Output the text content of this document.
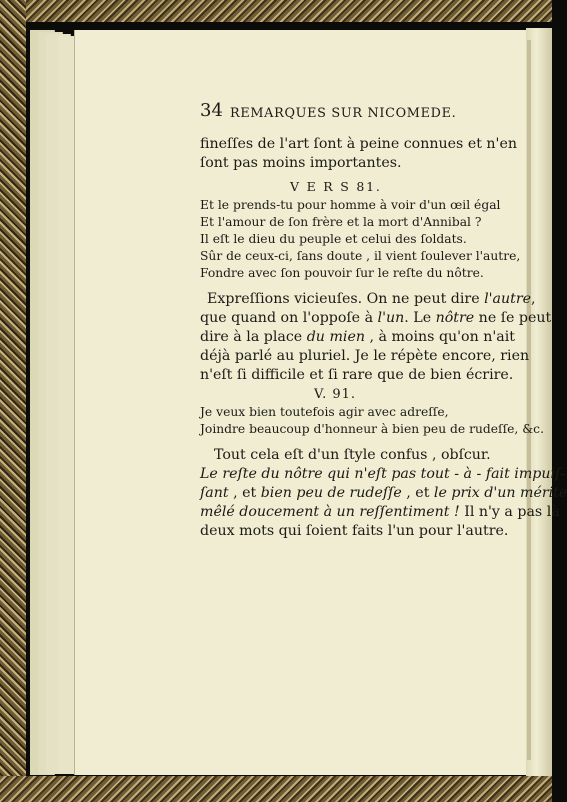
34 REMARQUES SUR NICOMEDE.
fineſſes de l'art ſont à peine connues et n'en
ſont pas moins importantes.
V E R S 81.
Et le prends-tu pour homme à voir d'un œil égal
Et l'amour de ſon frère et la mort d'Annibal ?
Il eſt le dieu du peuple et celui des ſoldats.
Sûr de ceux-ci, ſans doute , il vient ſoulever l'autre,
Fondre avec ſon pouvoir ſur le reſte du nôtre.
Expreſſions vicieuſes. On ne peut dire l'autre,
que quand on l'oppoſe à l'un. Le nôtre ne ſe peut
dire à la place du mien , à moins qu'on n'ait
déjà parlé au pluriel. Je le répète encore, rien
n'eſt ſi difficile et ſi rare que de bien écrire.
V. 91.
Je veux bien toutefois agir avec adreſſe,
Joindre beaucoup d'honneur à bien peu de rudeſſe, &c.
Tout cela eſt d'un ſtyle confus , obſcur.
Le reſte du nôtre qui n'eſt pas tout - à - fait impuiſ-
ſant , et bien peu de rudeſſe , et le prix d'un mérite
mêlé doucement à un reſſentiment ! Il n'y a pas là
deux mots qui ſoient faits l'un pour l'autre.
